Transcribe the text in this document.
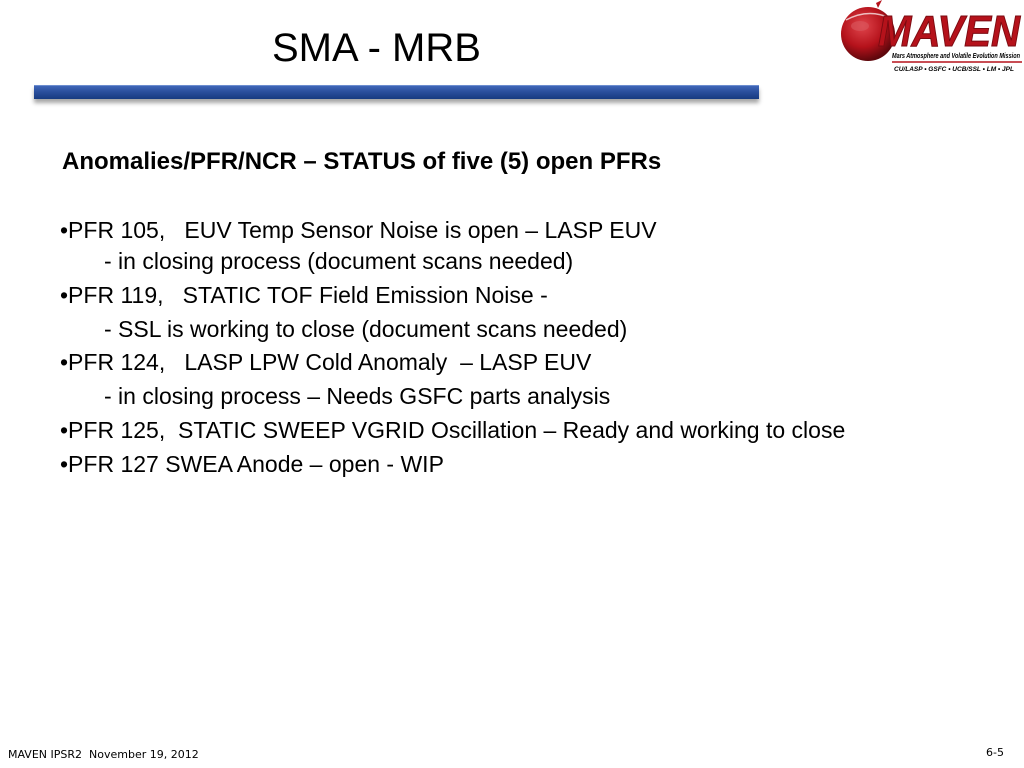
SMA - MRB	MAVEN
Mars Atmosphere and Volatile Evolution Mission
CU/LASP • GSFC • UCB/SSL • LM • JPL
Anomalies/PFR/NCR – STATUS of five (5) open PFRs
•PFR 105,   EUV Temp Sensor Noise is open – LASP EUV
- in closing process (document scans needed)
•PFR 119,   STATIC TOF Field Emission Noise -
- SSL is working to close (document scans needed)
•PFR 124,   LASP LPW Cold Anomaly  – LASP EUV
- in closing process – Needs GSFC parts analysis
•PFR 125,  STATIC SWEEP VGRID Oscillation – Ready and working to close
•PFR 127 SWEA Anode – open - WIP
MAVEN IPSR2  November 19, 2012	6-5
